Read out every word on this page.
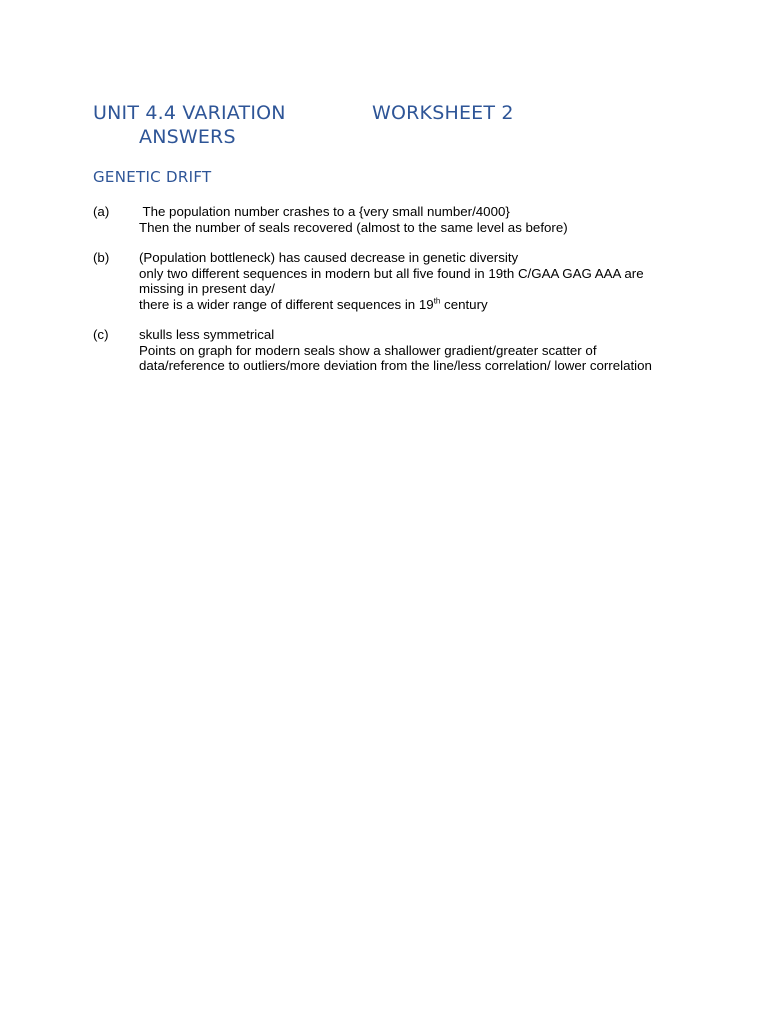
UNIT 4.4 VARIATION	WORKSHEET 2
ANSWERS
GENETIC DRIFT
(a) The population number crashes to a {very small number/4000}
Then the number of seals recovered (almost to the same level as before)
(b) (Population bottleneck) has caused decrease in genetic diversity
only two different sequences in modern but all five found in 19th C/GAA GAG AAA are
missing in present day/
there is a wider range of different sequences in 19th century
(c) skulls less symmetrical
Points on graph for modern seals show a shallower gradient/greater scatter of
data/reference to outliers/more deviation from the line/less correlation/ lower correlation
